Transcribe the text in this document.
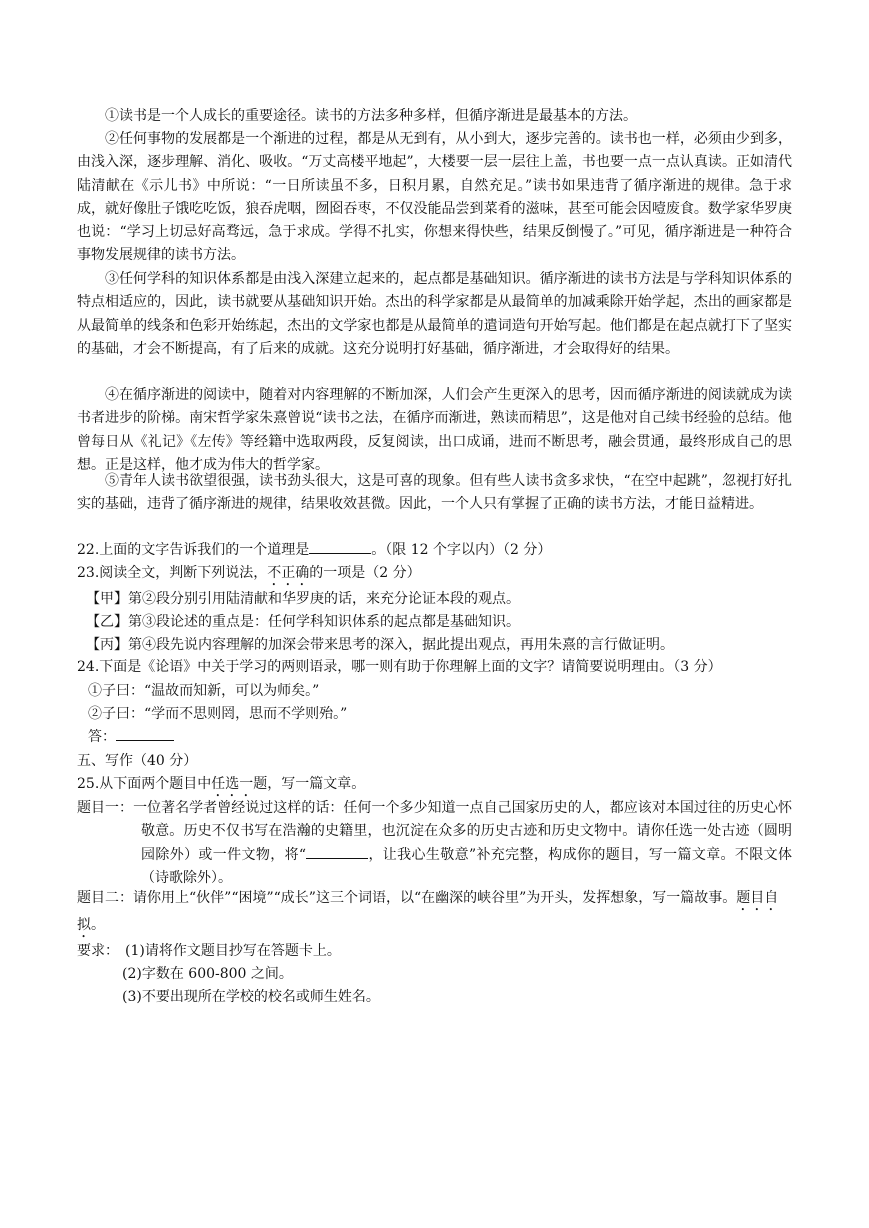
①读书是一个人成长的重要途径。读书的方法多种多样，但循序渐进是最基本的方法。

②任何事物的发展都是一个渐进的过程，都是从无到有，从小到大，逐步完善的。读书也一样，必须由少到多，由浅入深，逐步理解、消化、吸收。“万丈高楼平地起”，大楼要一层一层往上盖，书也要一点一点认真读。正如清代陆清献在《示儿书》中所说：“一日所读虽不多，日积月累，自然充足。”读书如果违背了循序渐进的规律。急于求成，就好像肚子饿吃吃饭，狼吞虎咽，囫囵吞枣，不仅没能品尝到菜肴的滋味，甚至可能会因噎废食。数学家华罗庚也说：“学习上切忌好高骛远，急于求成。学得不扎实，你想来得快些，结果反倒慢了。”可见，循序渐进是一种符合事物发展规律的读书方法。

③任何学科的知识体系都是由浅入深建立起来的，起点都是基础知识。循序渐进的读书方法是与学科知识体系的特点相适应的，因此，读书就要从基础知识开始。杰出的科学家都是从最简单的加减乘除开始学起，杰出的画家都是从最简单的线条和色彩开始练起，杰出的文学家也都是从最简单的遣词造句开始写起。他们都是在起点就打下了坚实的基础，才会不断提高，有了后来的成就。这充分说明打好基础，循序渐进，才会取得好的结果。

④在循序渐进的阅读中，随着对内容理解的不断加深，人们会产生更深入的思考，因而循序渐进的阅读就成为读书者进步的阶梯。南宋哲学家朱熹曾说“读书之法，在循序而渐进，熟读而精思”，这是他对自己续书经验的总结。他曾每日从《礼记》《左传》等经籍中选取两段，反复阅读，出口成诵，进而不断思考，融会贯通，最终形成自己的思想。正是这样，他才成为伟大的哲学家。

⑤青年人读书欲望很强，读书劲头很大，这是可喜的现象。但有些人读书贪多求快，“在空中起跳”，忽视打好扎实的基础，违背了循序渐进的规律，结果收效甚微。因此，一个人只有掌握了正确的读书方法，才能日益精进。

22.上面的文字告诉我们的一个道理是	。（限 12 个字以内）（2 分）

23.阅读全文，判断下列说法，不正确的一项是（2 分）

【甲】第②段分别引用陆清献和华罗庚的话，来充分论证本段的观点。

【乙】第③段论述的重点是：任何学科知识体系的起点都是基础知识。

【丙】第④段先说内容理解的加深会带来思考的深入，据此提出观点，再用朱熹的言行做证明。

24.下面是《论语》中关于学习的两则语录，哪一则有助于你理解上面的文字？请简要说明理由。（3 分）

①子曰：“温故而知新，可以为师矣。”

②子曰：“学而不思则罔，思而不学则殆。”

答：

五、写作（40 分）

25.从下面两个题目中任选一题，写一篇文章。

题目一：一位著名学者曾经说过这样的话：任何一个多少知道一点自己国家历史的人，都应该对本国过往的历史心怀敬意。历史不仅书写在浩瀚的史籍里，也沉淀在众多的历史古迹和历史文物中。请你任选一处古迹（圆明园除外）或一件文物，将“	，让我心生敬意”补充完整，构成你的题目，写一篇文章。不限文体（诗歌除外）。

题目二：请你用上“伙伴”“困境”“成长”这三个词语，以“在幽深的峡谷里”为开头，发挥想象，写一篇故事。题目自拟。

要求： (1)请将作文题目抄写在答题卡上。

(2)字数在 600-800 之间。

(3)不要出现所在学校的校名或师生姓名。
